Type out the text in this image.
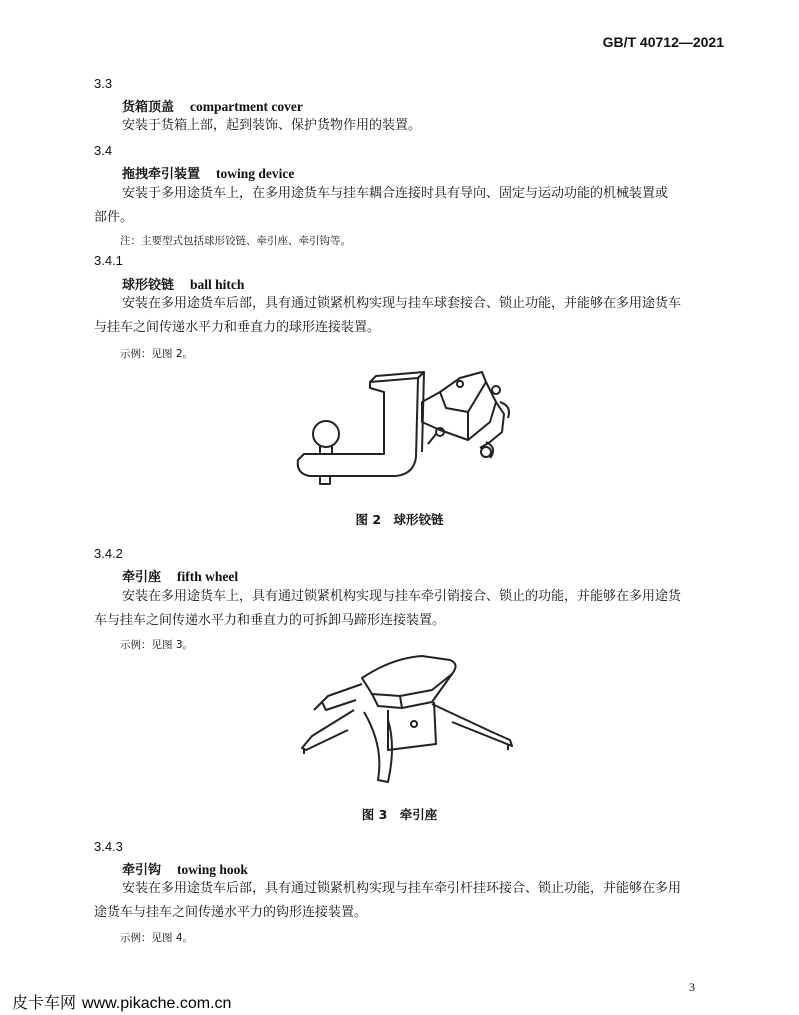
GB/T 40712—2021
3.3
货箱顶盖 compartment cover
安装于货箱上部，起到装饰、保护货物作用的装置。
3.4
拖拽牵引装置 towing device
安装于多用途货车上，在多用途货车与挂车耦合连接时具有导向、固定与运动功能的机械装置或
部件。
注：主要型式包括球形铰链、牵引座、牵引钩等。
3.4.1
球形铰链 ball hitch
安装在多用途货车后部，具有通过锁紧机构实现与挂车球套接合、锁止功能，并能够在多用途货车
与挂车之间传递水平力和垂直力的球形连接装置。
示例：见图 2。
图 2　球形铰链
3.4.2
牵引座 fifth wheel
安装在多用途货车上，具有通过锁紧机构实现与挂车牵引销接合、锁止的功能，并能够在多用途货
车与挂车之间传递水平力和垂直力的可拆卸马蹄形连接装置。
示例：见图 3。
图 3　牵引座
3.4.3
牵引钩 towing hook
安装在多用途货车后部，具有通过锁紧机构实现与挂车牵引杆挂环接合、锁止功能，并能够在多用
途货车与挂车之间传递水平力的钩形连接装置。
示例：见图 4。
3
皮卡车网 www.pikache.com.cn
